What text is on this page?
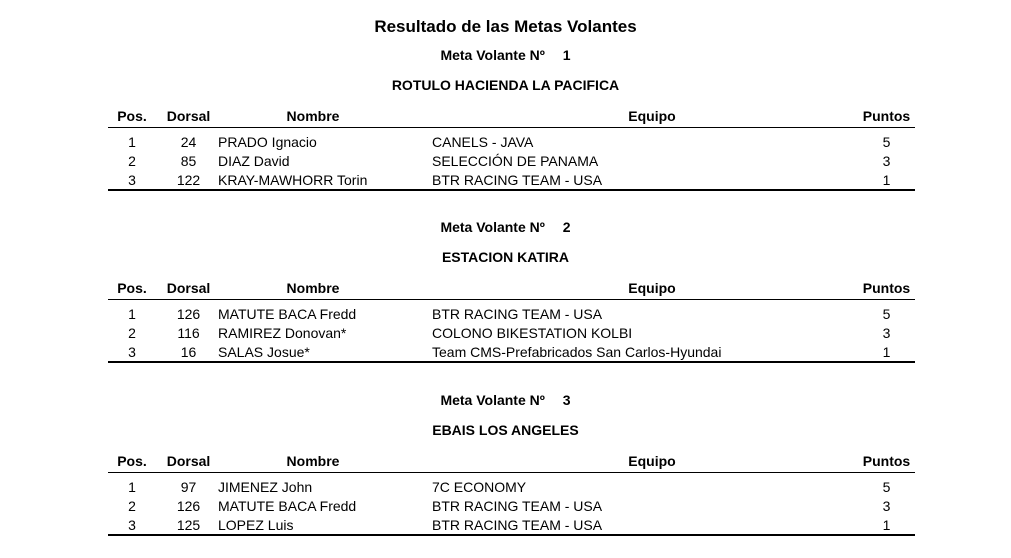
Resultado de las Metas Volantes
Meta Volante Nº 1
ROTULO HACIENDA LA PACIFICA
Pos.	Dorsal	Nombre	Equipo	Puntos
1	24	PRADO Ignacio	CANELS - JAVA	5
2	85	DIAZ David	SELECCIÓN DE PANAMA	3
3	122	KRAY-MAWHORR Torin	BTR RACING TEAM - USA	1
Meta Volante Nº 2
ESTACION KATIRA
Pos.	Dorsal	Nombre	Equipo	Puntos
1	126	MATUTE BACA Fredd	BTR RACING TEAM - USA	5
2	116	RAMIREZ Donovan*	COLONO BIKESTATION KOLBI	3
3	16	SALAS Josue*	Team CMS-Prefabricados San Carlos-Hyundai	1
Meta Volante Nº 3
EBAIS LOS ANGELES
Pos.	Dorsal	Nombre	Equipo	Puntos
1	97	JIMENEZ John	7C ECONOMY	5
2	126	MATUTE BACA Fredd	BTR RACING TEAM - USA	3
3	125	LOPEZ Luis	BTR RACING TEAM - USA	1
